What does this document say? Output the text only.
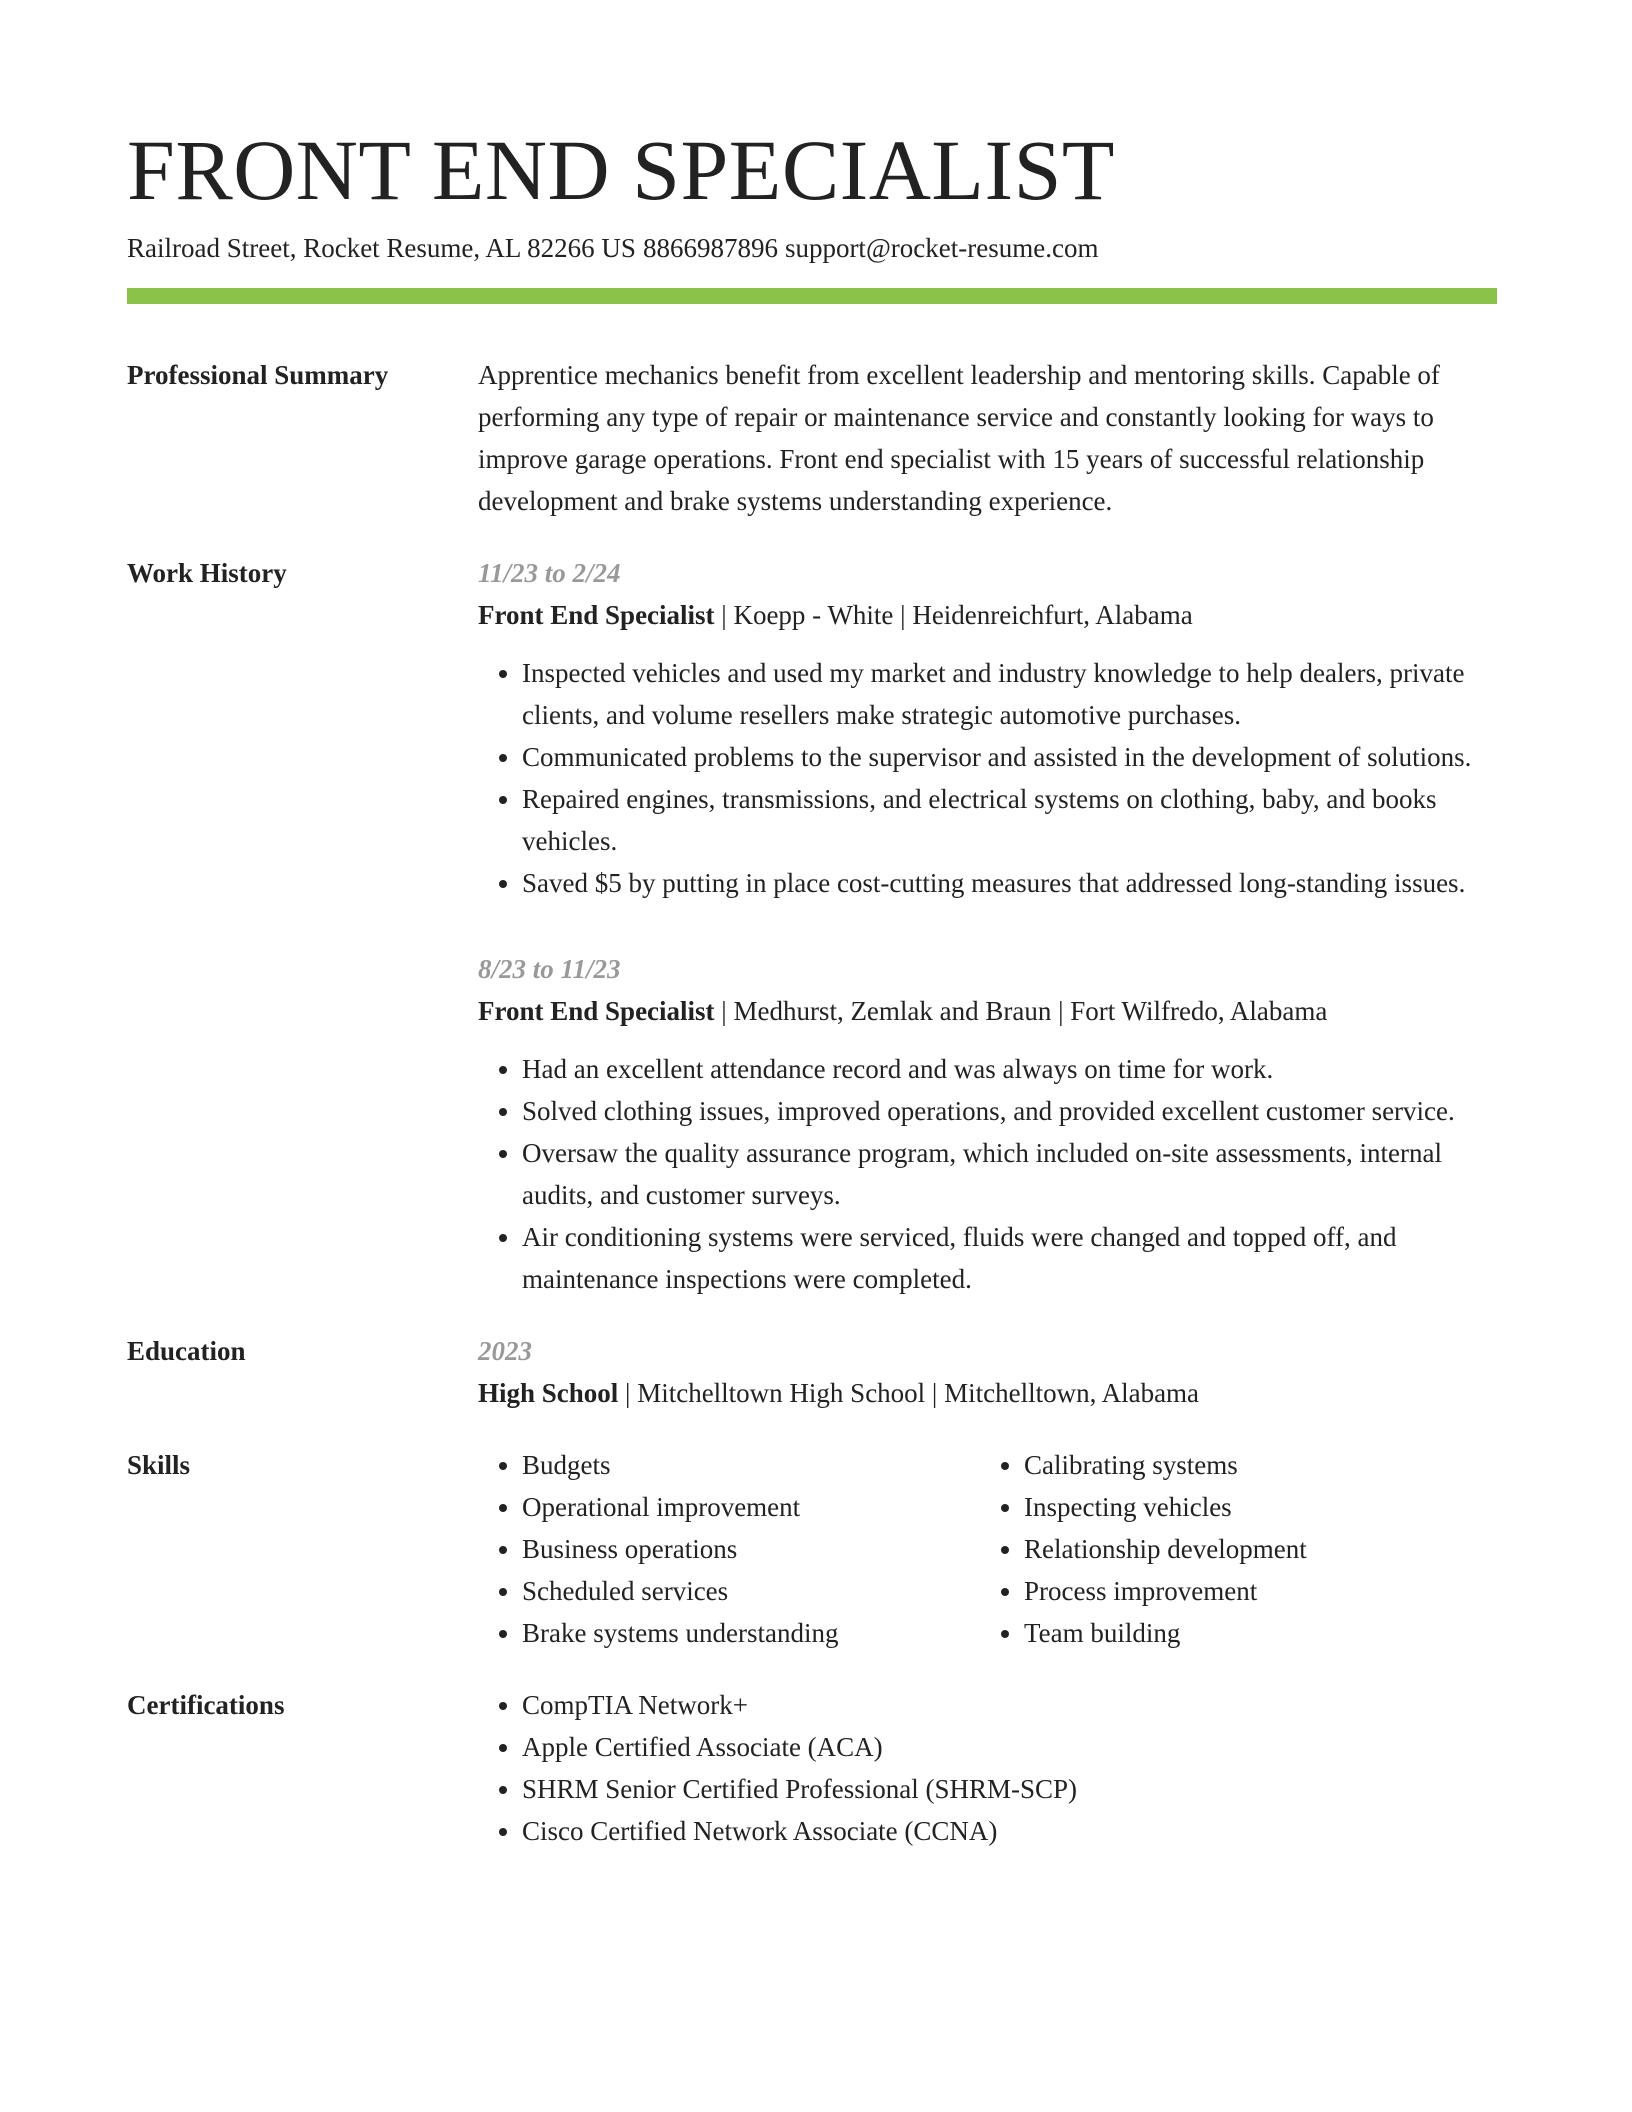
FRONT END SPECIALIST
Railroad Street, Rocket Resume, AL 82266 US 8866987896 support@rocket-resume.com
Professional Summary	Apprentice mechanics benefit from excellent leadership and mentoring skills. Capable of performing any type of repair or maintenance service and constantly looking for ways to improve garage operations. Front end specialist with 15 years of successful relationship development and brake systems understanding experience.

Work History	11/23 to 2/24
Front End Specialist | Koepp - White | Heidenreichfurt, Alabama
• Inspected vehicles and used my market and industry knowledge to help dealers, private clients, and volume resellers make strategic automotive purchases.
• Communicated problems to the supervisor and assisted in the development of solutions.
• Repaired engines, transmissions, and electrical systems on clothing, baby, and books vehicles.
• Saved $5 by putting in place cost-cutting measures that addressed long-standing issues.
8/23 to 11/23
Front End Specialist | Medhurst, Zemlak and Braun | Fort Wilfredo, Alabama
• Had an excellent attendance record and was always on time for work.
• Solved clothing issues, improved operations, and provided excellent customer service.
• Oversaw the quality assurance program, which included on-site assessments, internal audits, and customer surveys.
• Air conditioning systems were serviced, fluids were changed and topped off, and maintenance inspections were completed.
Education	2023
High School | Mitchelltown High School | Mitchelltown, Alabama
Skills	• Budgets
• Operational improvement
• Business operations
• Scheduled services
• Brake systems understanding
• Calibrating systems
• Inspecting vehicles
• Relationship development
• Process improvement
• Team building
Certifications	• CompTIA Network+
• Apple Certified Associate (ACA)
• SHRM Senior Certified Professional (SHRM-SCP)
• Cisco Certified Network Associate (CCNA)
